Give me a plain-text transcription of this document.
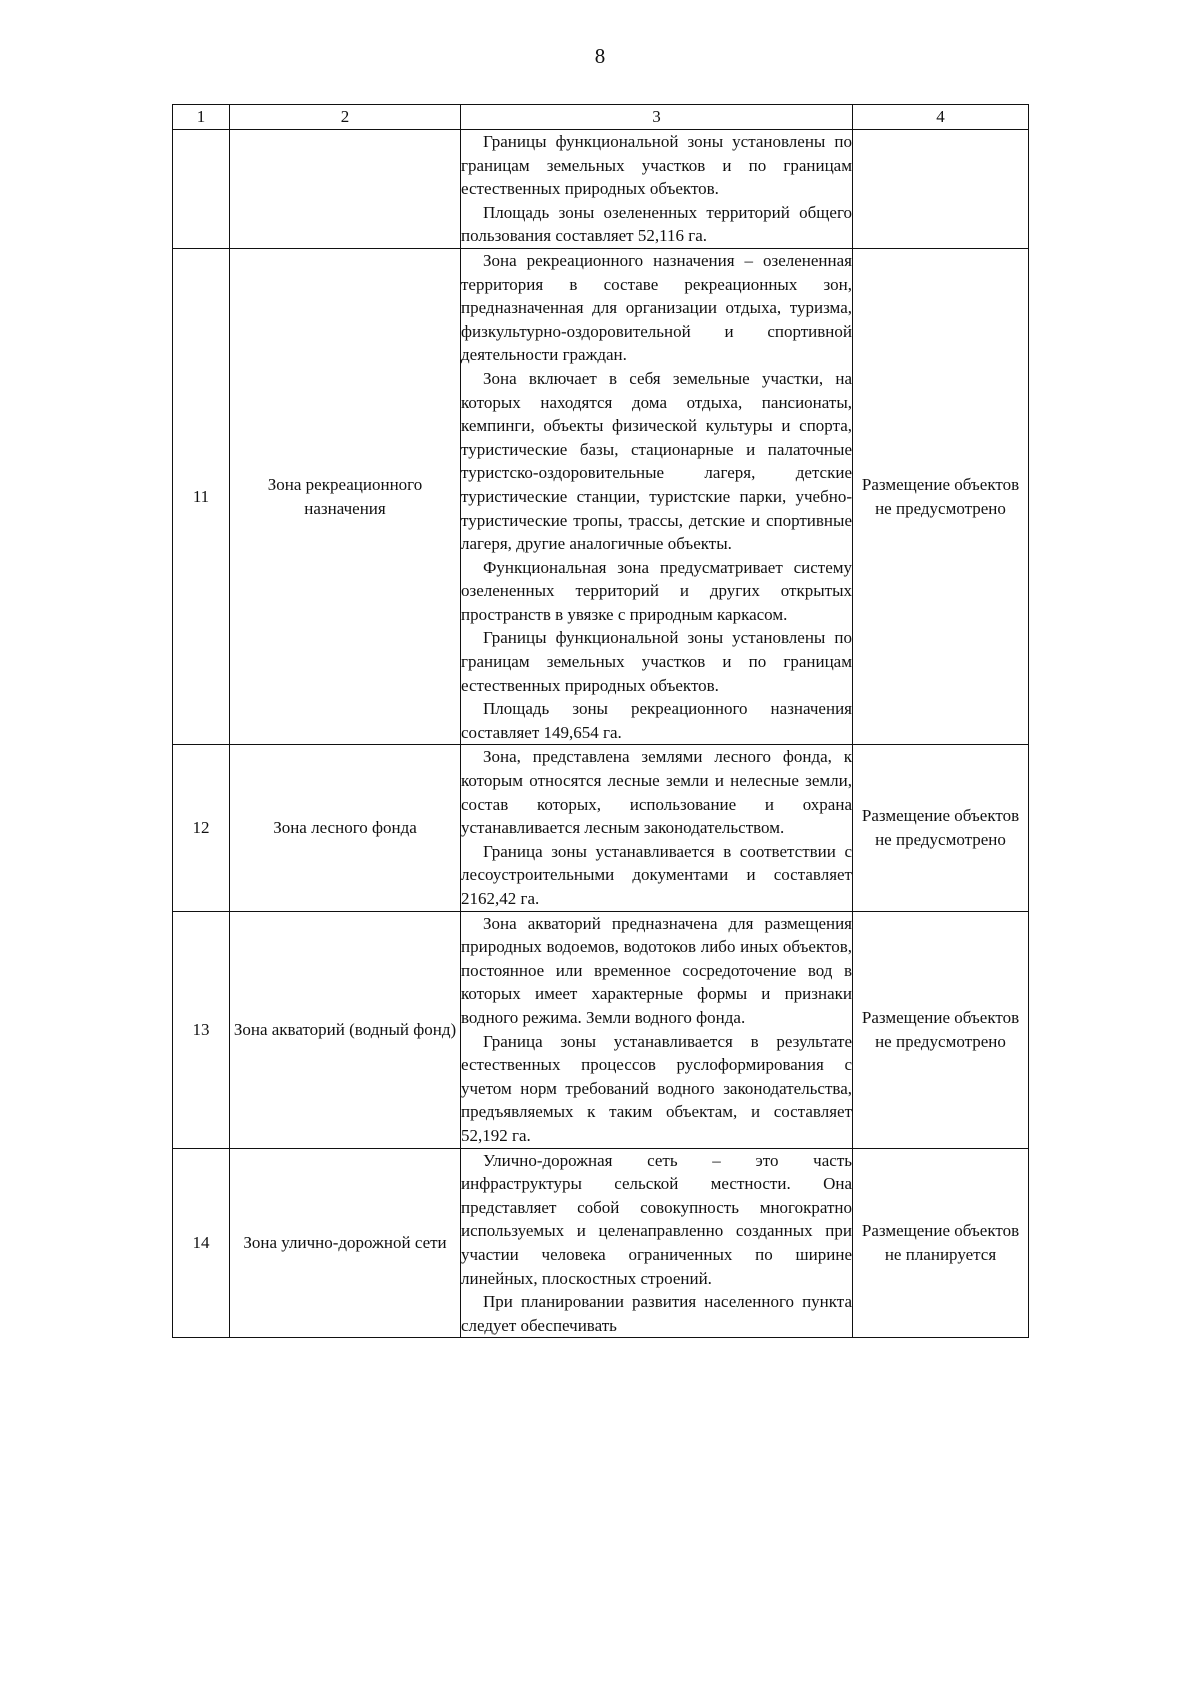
8
1	2	3	4

		Границы функциональной зоны установлены по границам земельных участков и по границам естественных природных объектов.

Площадь зоны озелененных территорий общего пользования составляет 52,116 га.	

11	Зона рекреационного назначения	Зона рекреационного назначения – озелененная территория в составе рекреационных зон, предназначенная для организации отдыха, туризма, физкультурно-оздоровительной и спортивной деятельности граждан.

Зона включает в себя земельные участки, на которых находятся дома отдыха, пансионаты, кемпинги, объекты физической культуры и спорта, туристические базы, стационарные и палаточные туристско-оздоровительные лагеря, детские туристические станции, туристские парки, учебно-туристические тропы, трассы, детские и спортивные лагеря, другие аналогичные объекты.

Функциональная зона предусматривает систему озелененных территорий и других открытых пространств в увязке с природным каркасом.

Границы функциональной зоны установлены по границам земельных участков и по границам естественных природных объектов.

Площадь зоны рекреационного назначения составляет 149,654 га.	Размещение объектов не предусмотрено
12	Зона лесного фонда	Зона, представлена землями лесного фонда, к которым относятся лесные земли и нелесные земли, состав которых, использование и охрана устанавливается лесным законодательством.

Граница зоны устанавливается в соответствии с лесоустроительными документами и составляет 2162,42 га.	Размещение объектов не предусмотрено
13	Зона акваторий (водный фонд)	Зона акваторий предназначена для размещения природных водоемов, водотоков либо иных объектов, постоянное или временное сосредоточение вод в которых имеет характерные формы и признаки водного режима. Земли водного фонда.

Граница зоны устанавливается в результате естественных процессов руслоформирования с учетом норм требований водного законодательства, предъявляемых к таким объектам, и составляет 52,192 га.	Размещение объектов не предусмотрено
14	Зона улично-дорожной сети	Улично-дорожная сеть – это часть инфраструктуры сельской местности. Она представляет собой совокупность многократно используемых и целенаправленно созданных при участии человека ограниченных по ширине линейных, плоскостных строений.

При планировании развития населенного пункта следует обеспечивать	Размещение объектов не планируется
